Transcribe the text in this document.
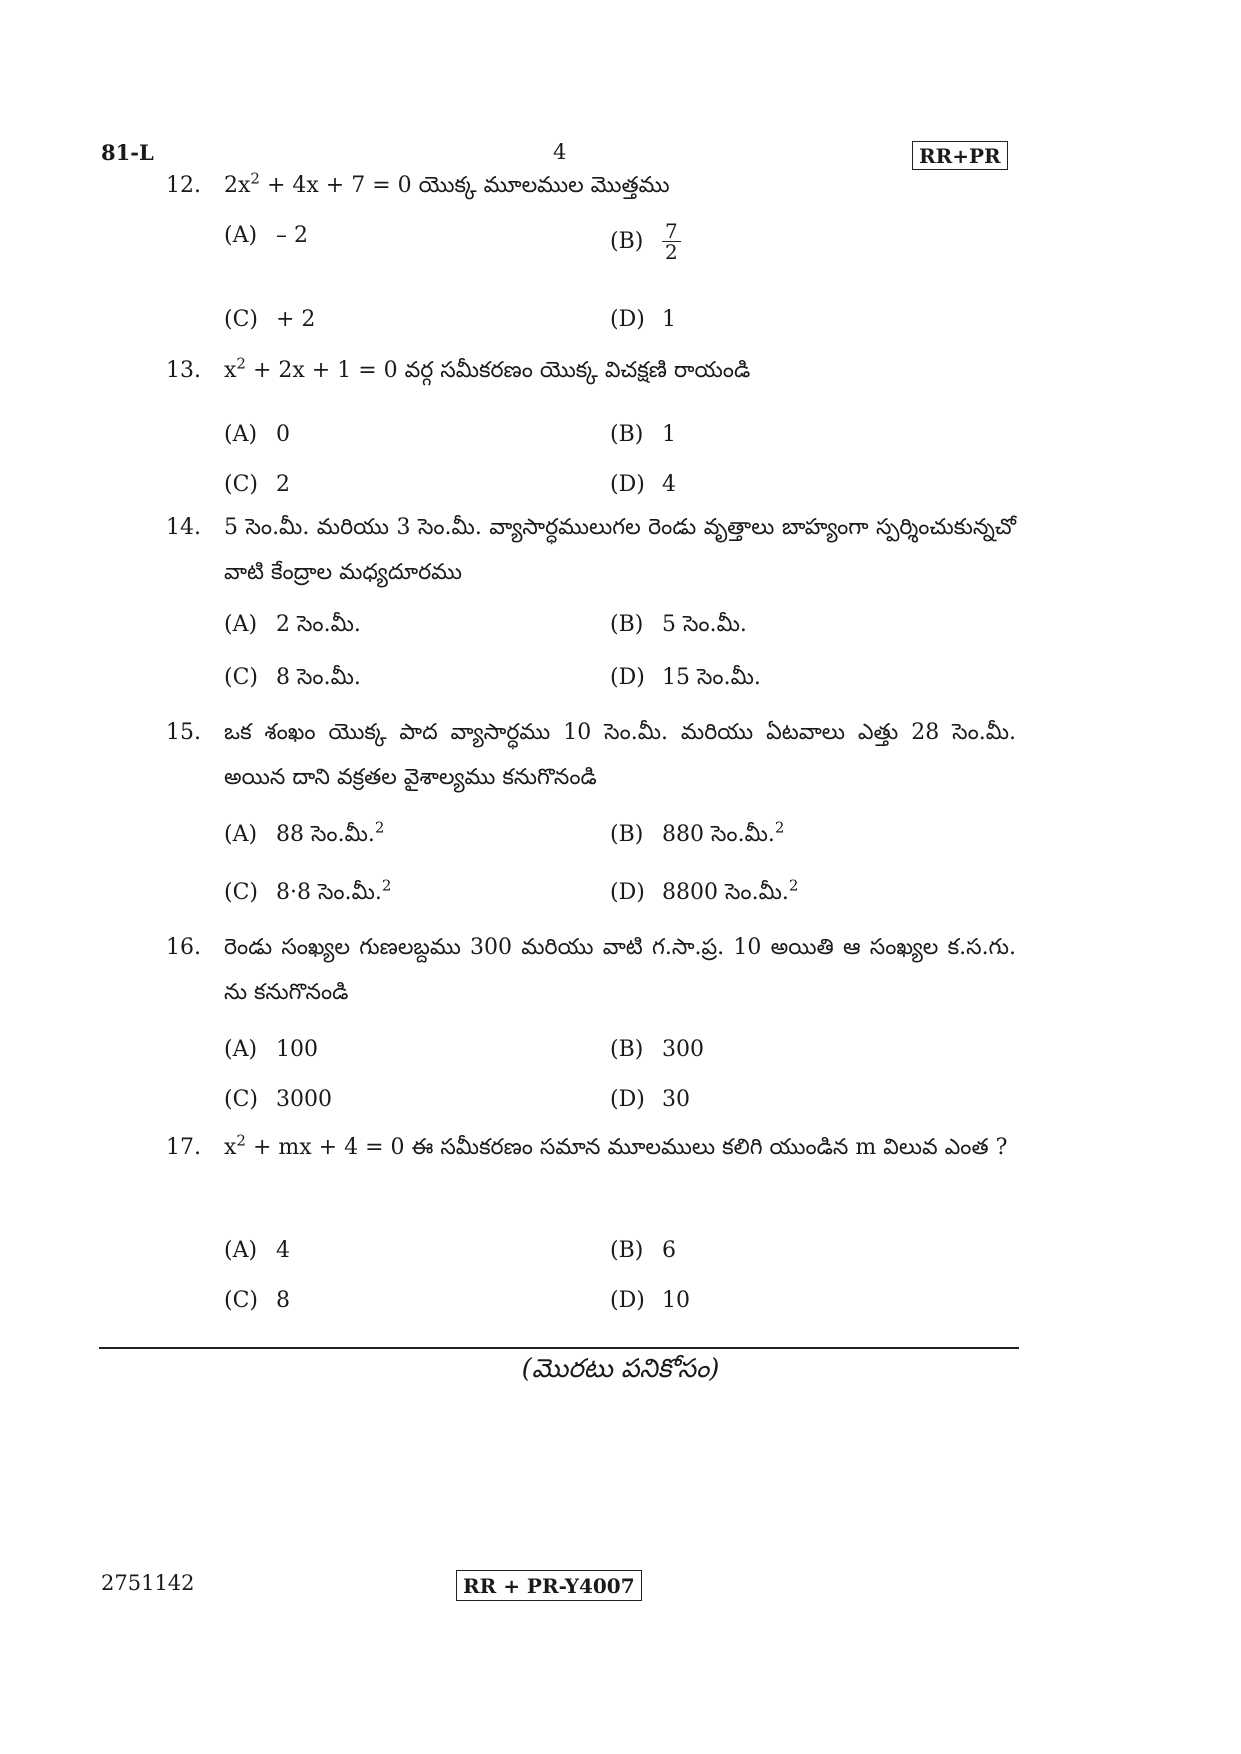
81-L	4	RR+PR
12. $2x^2 + 4x + 7 = 0$ యొక్క మూలముల మొత్తము
(A) – 2	$(B) \frac{7}{2}$
(C) + 2	(D) 1
13. $x^2 + 2x + 1 = 0$ వర్గ సమీకరణం యొక్క విచక్షణి రాయండి
(A) 0	(B) 1
(C) 2	(D) 4
14. 5 సెం.మీ. మరియు 3 సెం.మీ. వ్యాసార్ధములుగల రెండు వృత్తాలు బాహ్యంగా స్పర్శించుకున్నచో వాటి కేంద్రాల మధ్యదూరము
(A) 2 సెం.మీ.	(B) 5 సెం.మీ.
(C) 8 సెం.మీ.	(D) 15 సెం.మీ.
15. ఒక శంఖం యొక్క పాద వ్యాసార్ధము 10 సెం.మీ. మరియు ఏటవాలు ఎత్తు 28 సెం.మీ. అయిన దాని వక్రతల వైశాల్యము కనుగొనండి
(A) 88 సెం.మీ.$^2$	(B) 880 సెం.మీ.$^2$
(C) 8·8 సెం.మీ.$^2$	(D) 8800 సెం.మీ.$^2$
16. రెండు సంఖ్యల గుణలబ్దము 300 మరియు వాటి గ.సా.ప్ర. 10 అయితి ఆ సంఖ్యల క.స.గు. ను కనుగొనండి
(A) 100	(B) 300
(C) 3000	(D) 30
17. $x^2$ + mx + 4 = 0 ఈ సమీకరణం సమాన మూలములు కలిగి యుండిన m విలువ ఎంత ?
(A) 4	(B) 6
(C) 8	(D) 10
(మొరటు పనికోసం)
2751142	RR + PR-Y4007
